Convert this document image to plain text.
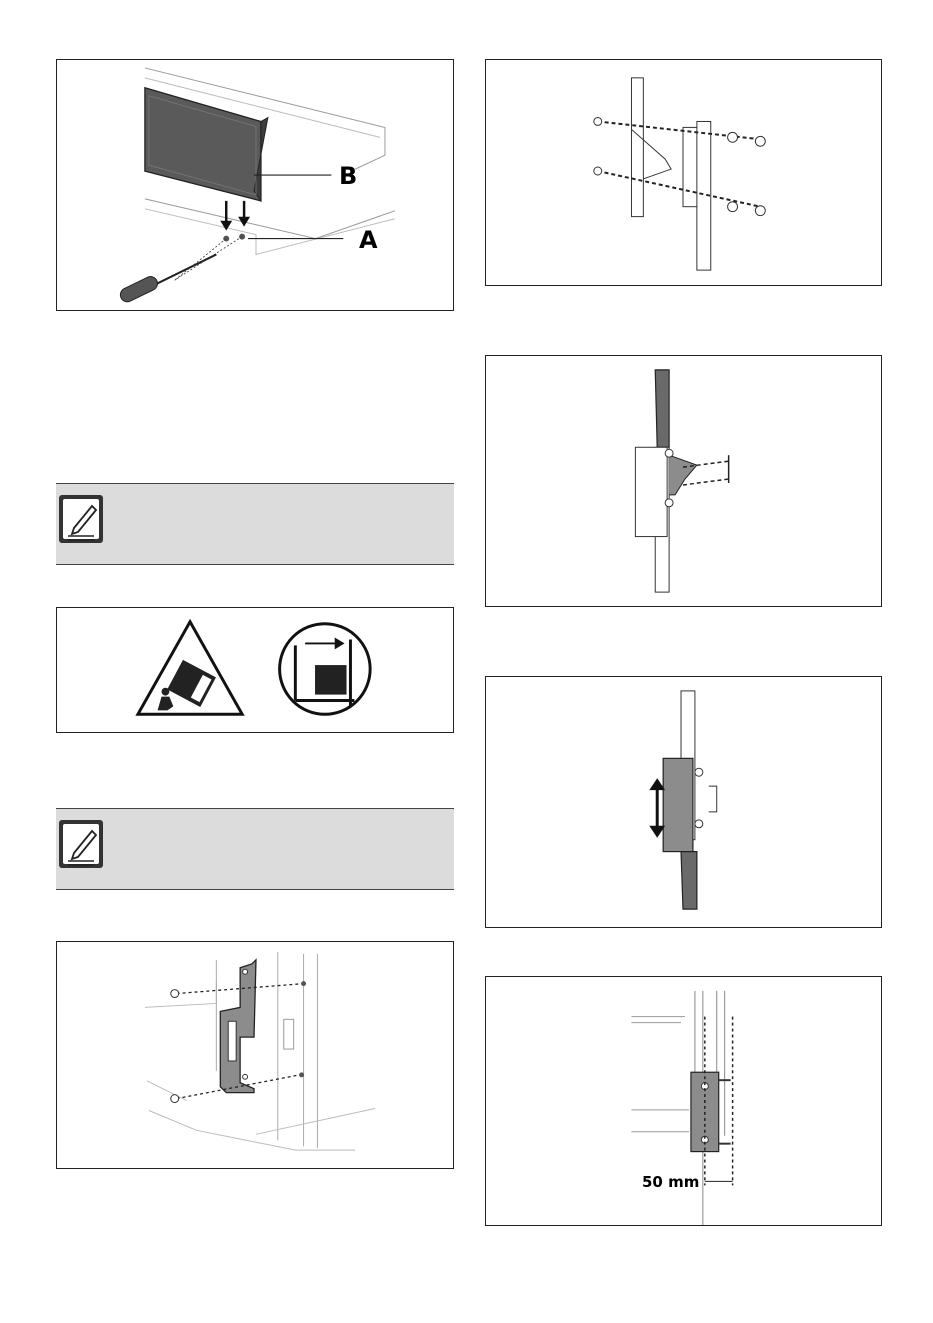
B
A
50 mm
